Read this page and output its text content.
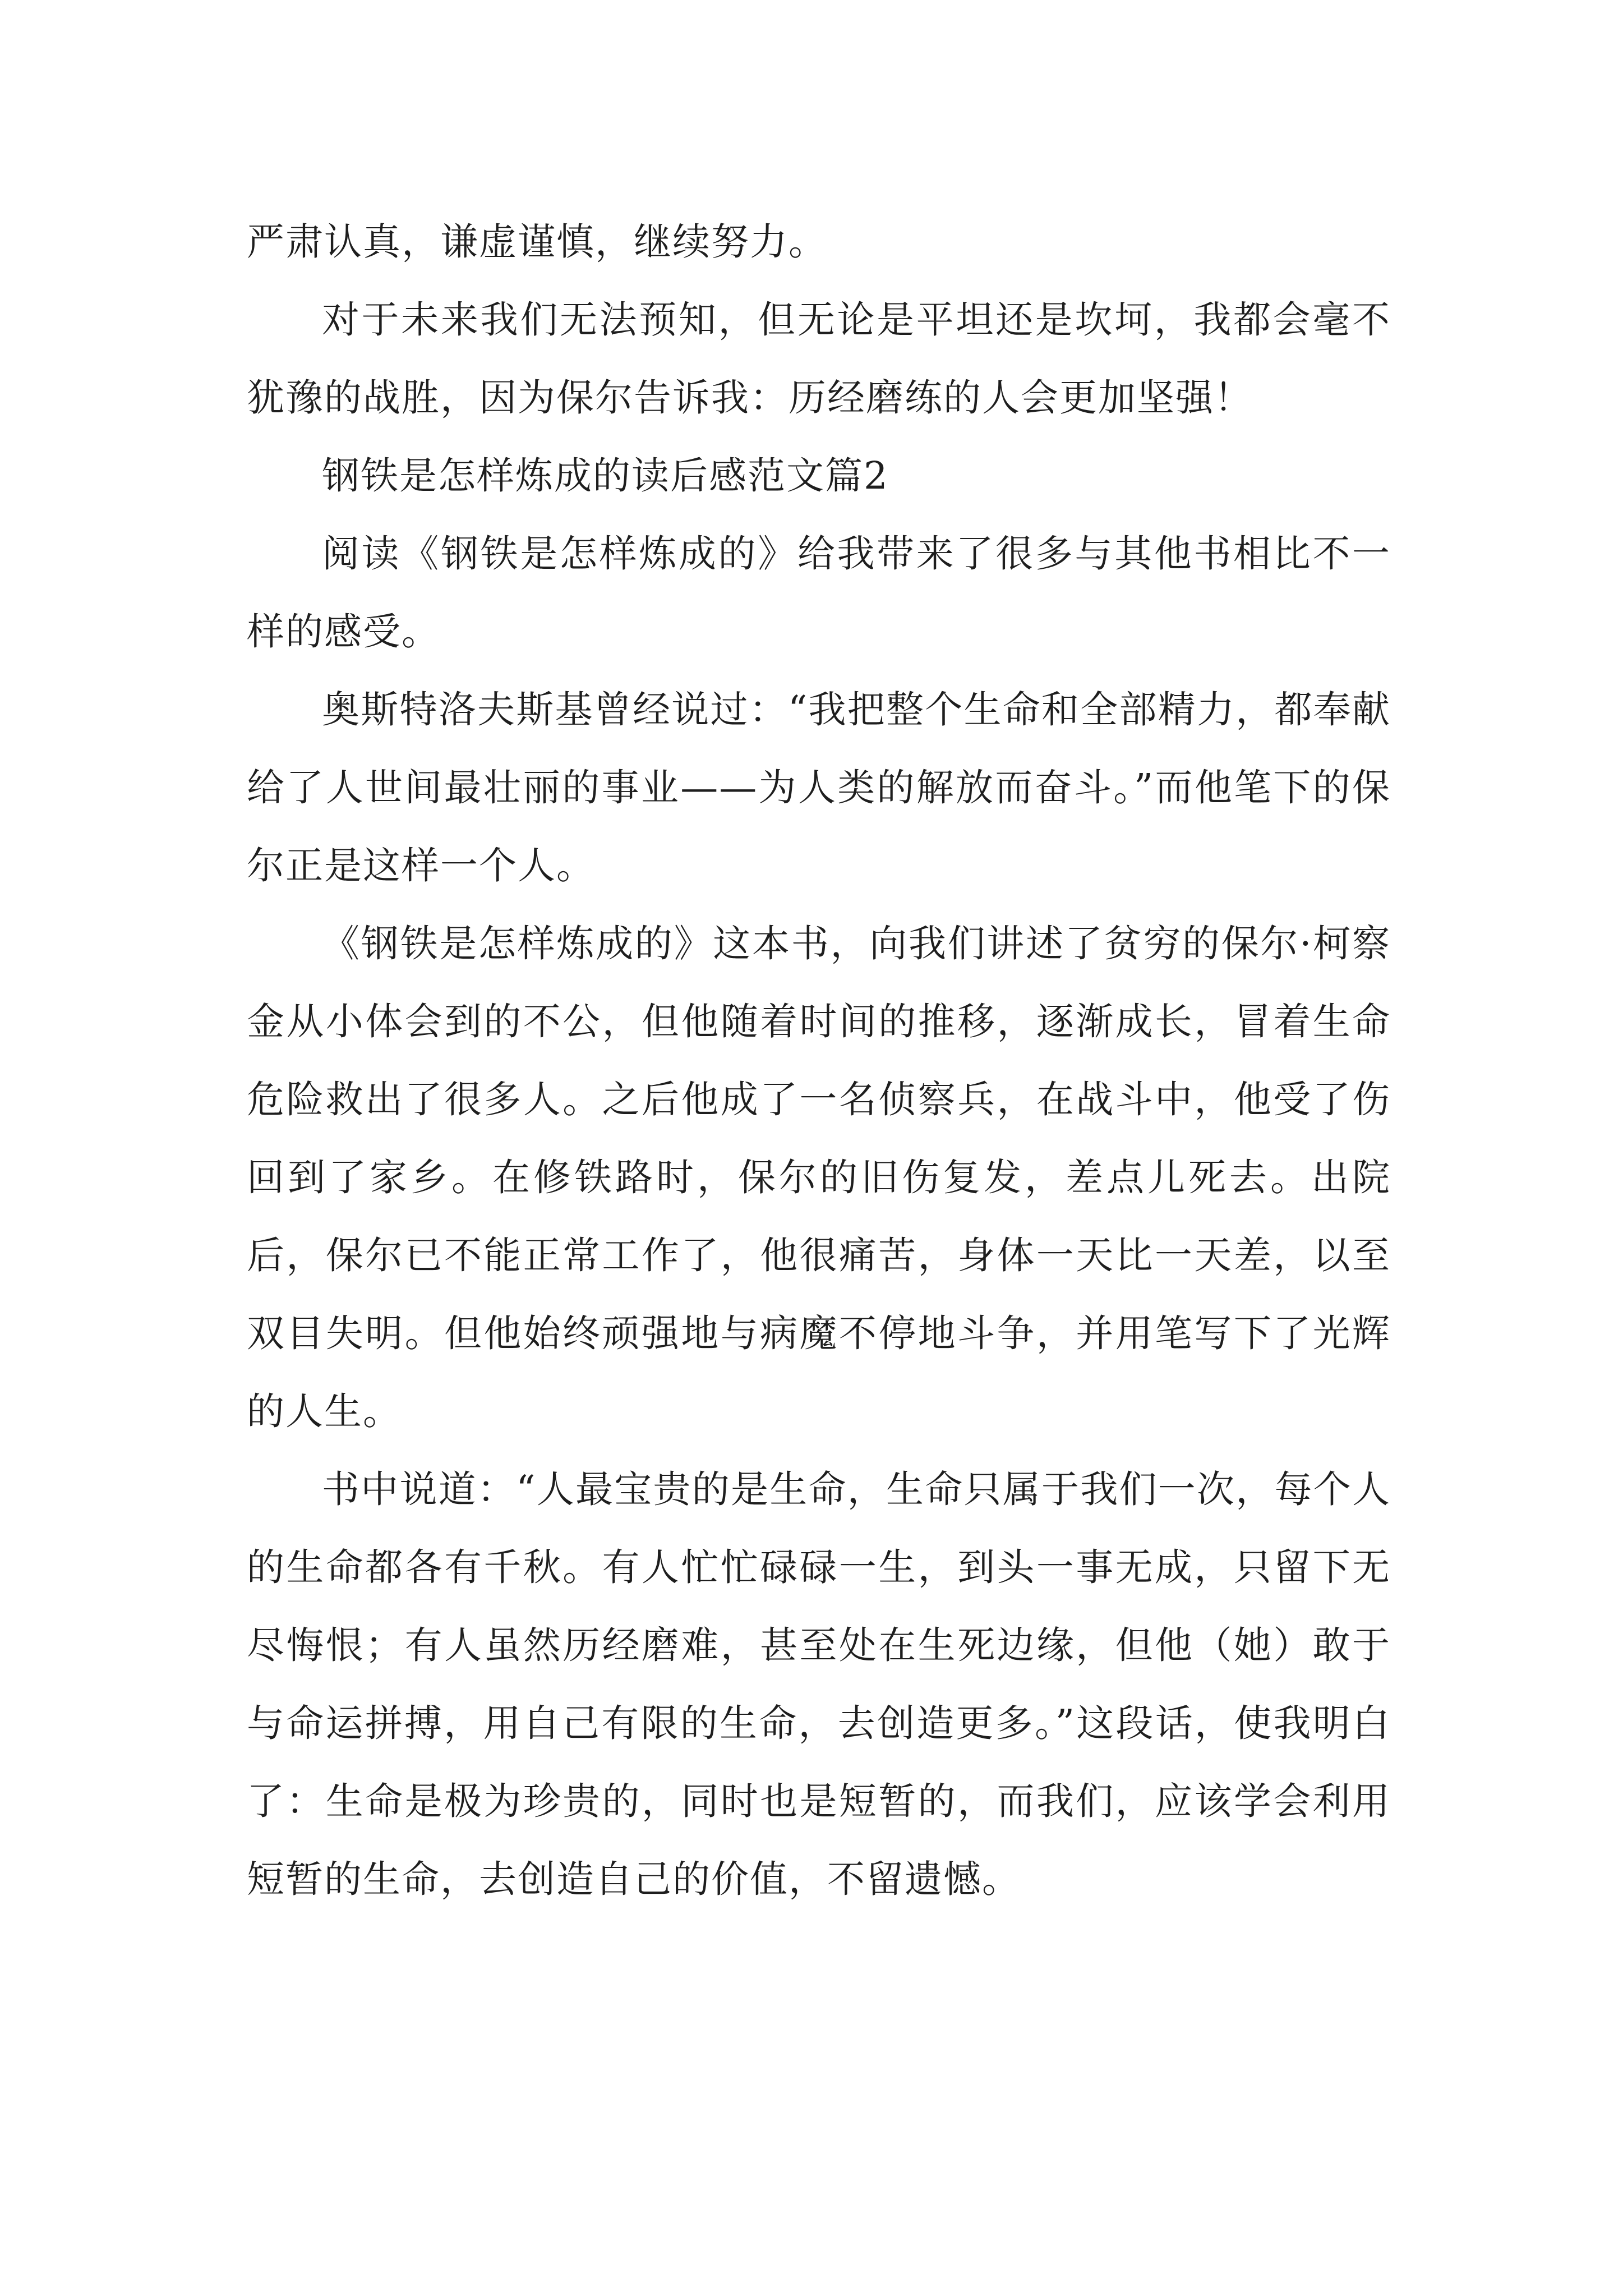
严肃认真，谦虚谨慎，继续努力。

对于未来我们无法预知，但无论是平坦还是坎坷，我都会毫不犹豫的战胜，因为保尔告诉我：历经磨练的人会更加坚强！

钢铁是怎样炼成的读后感范文篇2

阅读《钢铁是怎样炼成的》给我带来了很多与其他书相比不一样的感受。

奥斯特洛夫斯基曾经说过：“我把整个生命和全部精力，都奉献给了人世间最壮丽的事业——为人类的解放而奋斗。”而他笔下的保尔正是这样一个人。

《钢铁是怎样炼成的》这本书，向我们讲述了贫穷的保尔·柯察金从小体会到的不公，但他随着时间的推移，逐渐成长，冒着生命危险救出了很多人。之后他成了一名侦察兵，在战斗中，他受了伤回到了家乡。在修铁路时，保尔的旧伤复发，差点儿死去。出院后，保尔已不能正常工作了，他很痛苦，身体一天比一天差，以至双目失明。但他始终顽强地与病魔不停地斗争，并用笔写下了光辉的人生。

书中说道：“人最宝贵的是生命，生命只属于我们一次，每个人的生命都各有千秋。有人忙忙碌碌一生，到头一事无成，只留下无尽悔恨；有人虽然历经磨难，甚至处在生死边缘，但他（她）敢于与命运拼搏，用自己有限的生命，去创造更多。”这段话，使我明白了：生命是极为珍贵的，同时也是短暂的，而我们，应该学会利用短暂的生命，去创造自己的价值，不留遗憾。
